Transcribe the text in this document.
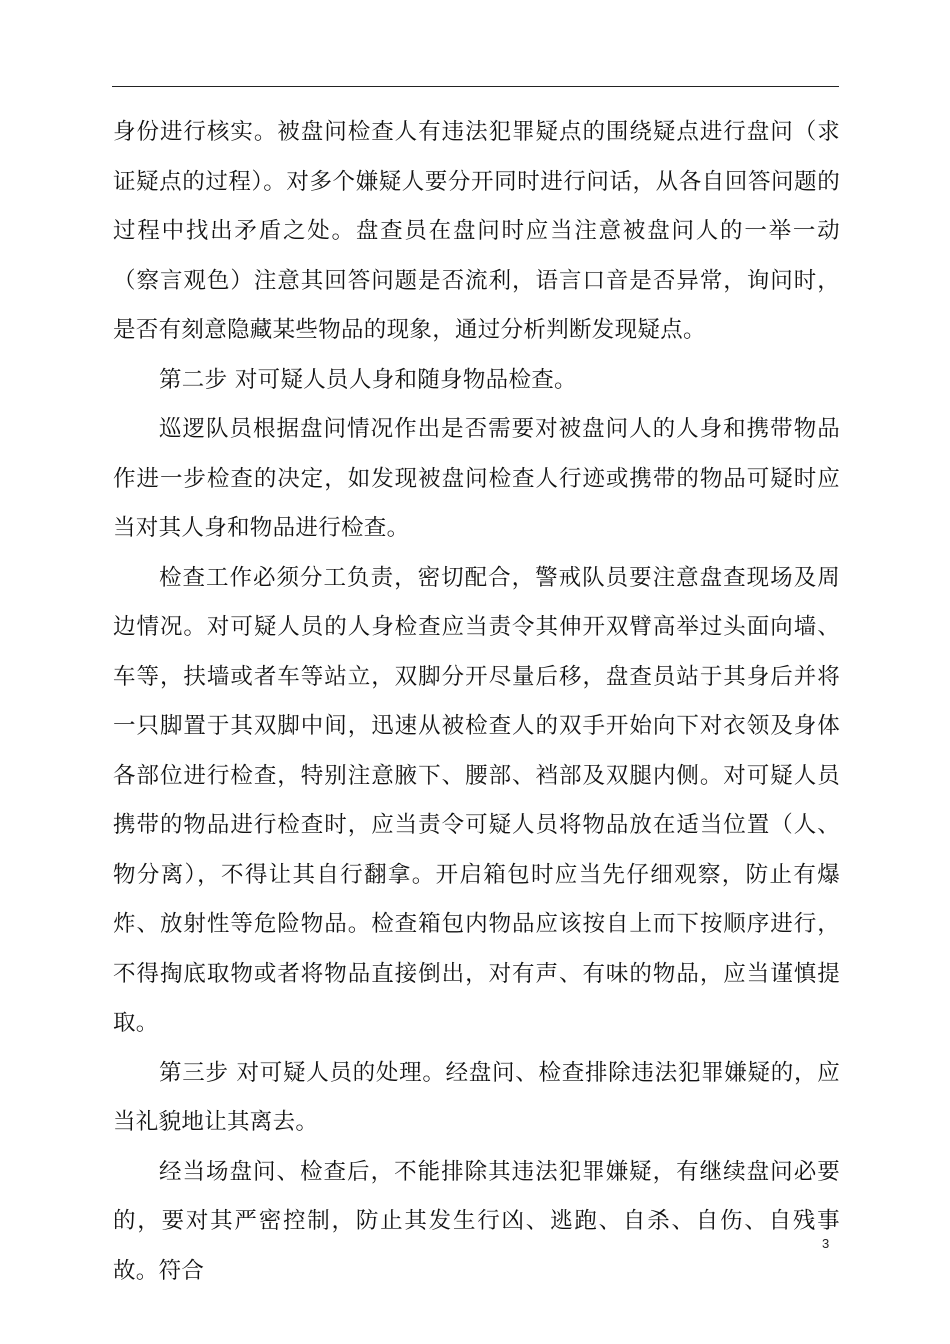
身份进行核实。被盘问检查人有违法犯罪疑点的围绕疑点进行盘问（求证疑点的过程）。对多个嫌疑人要分开同时进行问话，从各自回答问题的过程中找出矛盾之处。盘查员在盘问时应当注意被盘问人的一举一动（察言观色）注意其回答问题是否流利，语言口音是否异常，询问时，是否有刻意隐藏某些物品的现象，通过分析判断发现疑点。

第二步 对可疑人员人身和随身物品检查。

巡逻队员根据盘问情况作出是否需要对被盘问人的人身和携带物品作进一步检查的决定，如发现被盘问检查人行迹或携带的物品可疑时应当对其人身和物品进行检查。

检查工作必须分工负责，密切配合，警戒队员要注意盘查现场及周边情况。对可疑人员的人身检查应当责令其伸开双臂高举过头面向墙、车等，扶墙或者车等站立，双脚分开尽量后移，盘查员站于其身后并将一只脚置于其双脚中间，迅速从被检查人的双手开始向下对衣领及身体各部位进行检查，特别注意腋下、腰部、裆部及双腿内侧。对可疑人员携带的物品进行检查时，应当责令可疑人员将物品放在适当位置（人、物分离），不得让其自行翻拿。开启箱包时应当先仔细观察，防止有爆炸、放射性等危险物品。检查箱包内物品应该按自上而下按顺序进行，不得掏底取物或者将物品直接倒出，对有声、有味的物品，应当谨慎提取。

第三步 对可疑人员的处理。经盘问、检查排除违法犯罪嫌疑的，应当礼貌地让其离去。

经当场盘问、检查后，不能排除其违法犯罪嫌疑，有继续盘问必要的，要对其严密控制，防止其发生行凶、逃跑、自杀、自伤、自残事故。符合

3
